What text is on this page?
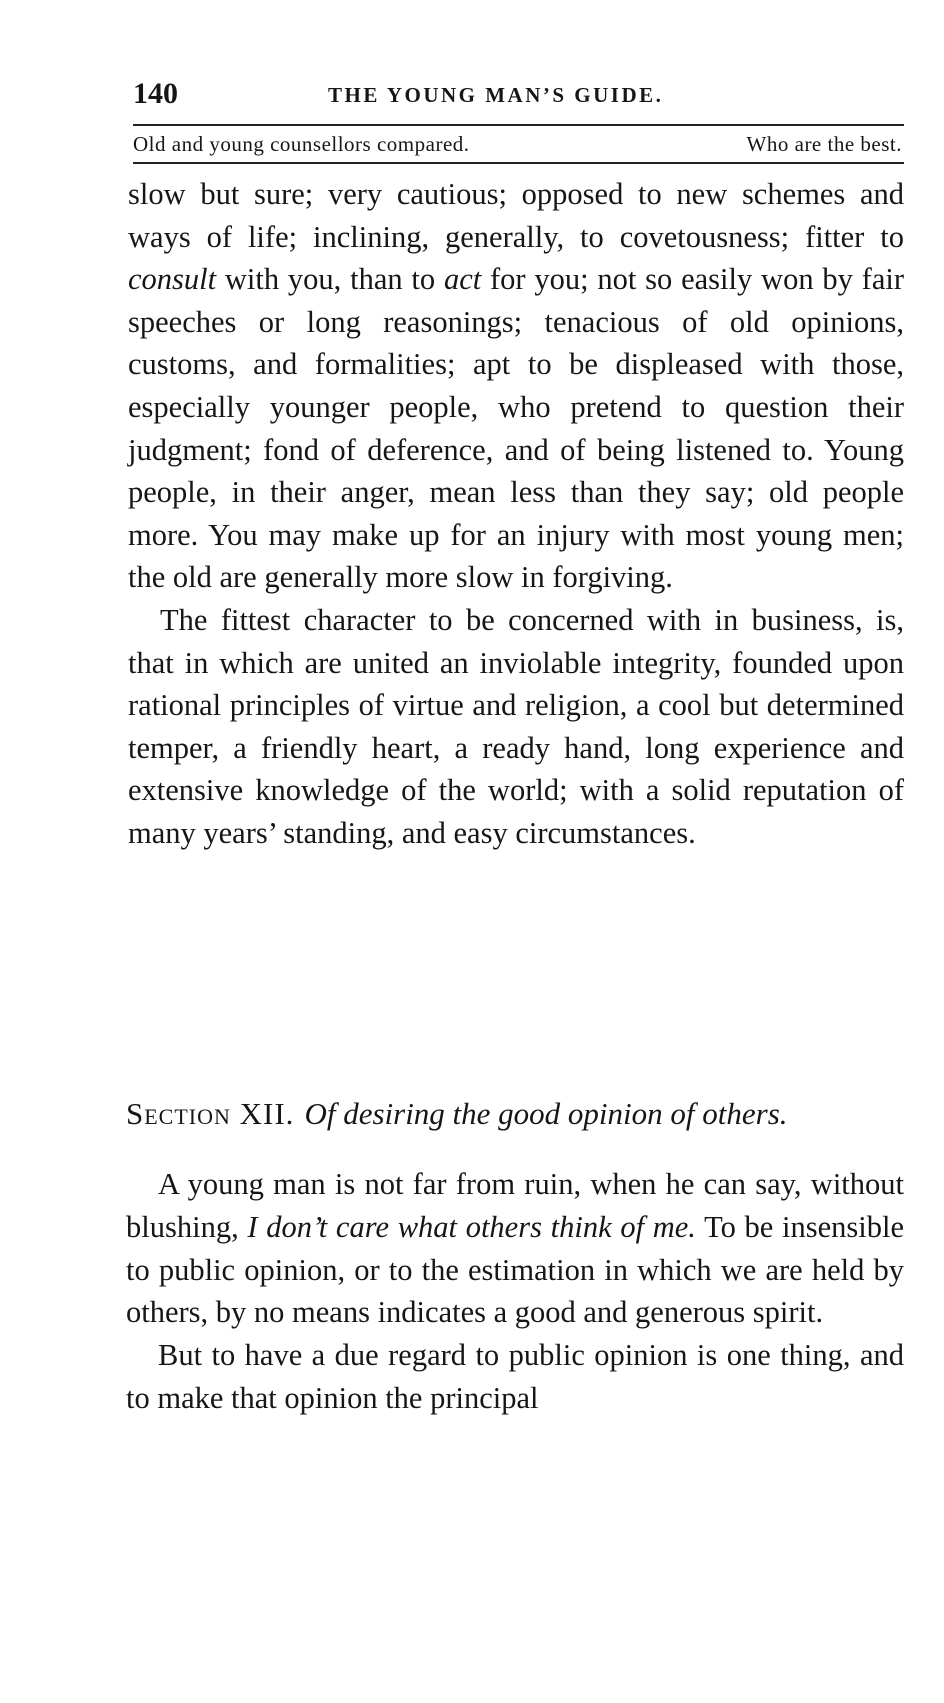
140	THE YOUNG MAN’S GUIDE.
Old and young counsellors compared.	Who are the best.

slow but sure; very cautious; opposed to new schemes and ways of life; inclining, generally, to covetousness; fitter to consult with you, than to act for you; not so easily won by fair speeches or long reasonings; tenacious of old opinions, customs, and formalities; apt to be displeased with those, especially younger people, who pretend to question their judgment; fond of deference, and of being listened to. Young people, in their anger, mean less than they say; old people more. You may make up for an injury with most young men; the old are generally more slow in forgiving.

The fittest character to be concerned with in business, is, that in which are united an inviolable integrity, founded upon rational principles of virtue and religion, a cool but determined temper, a friendly heart, a ready hand, long experience and extensive knowledge of the world; with a solid reputation of many years’ standing, and easy circumstances.

Section XII. Of desiring the good opinion of others.

A young man is not far from ruin, when he can say, without blushing, I don’t care what others think of me. To be insensible to public opinion, or to the estimation in which we are held by others, by no means indicates a good and generous spirit.

But to have a due regard to public opinion is one thing, and to make that opinion the principal
